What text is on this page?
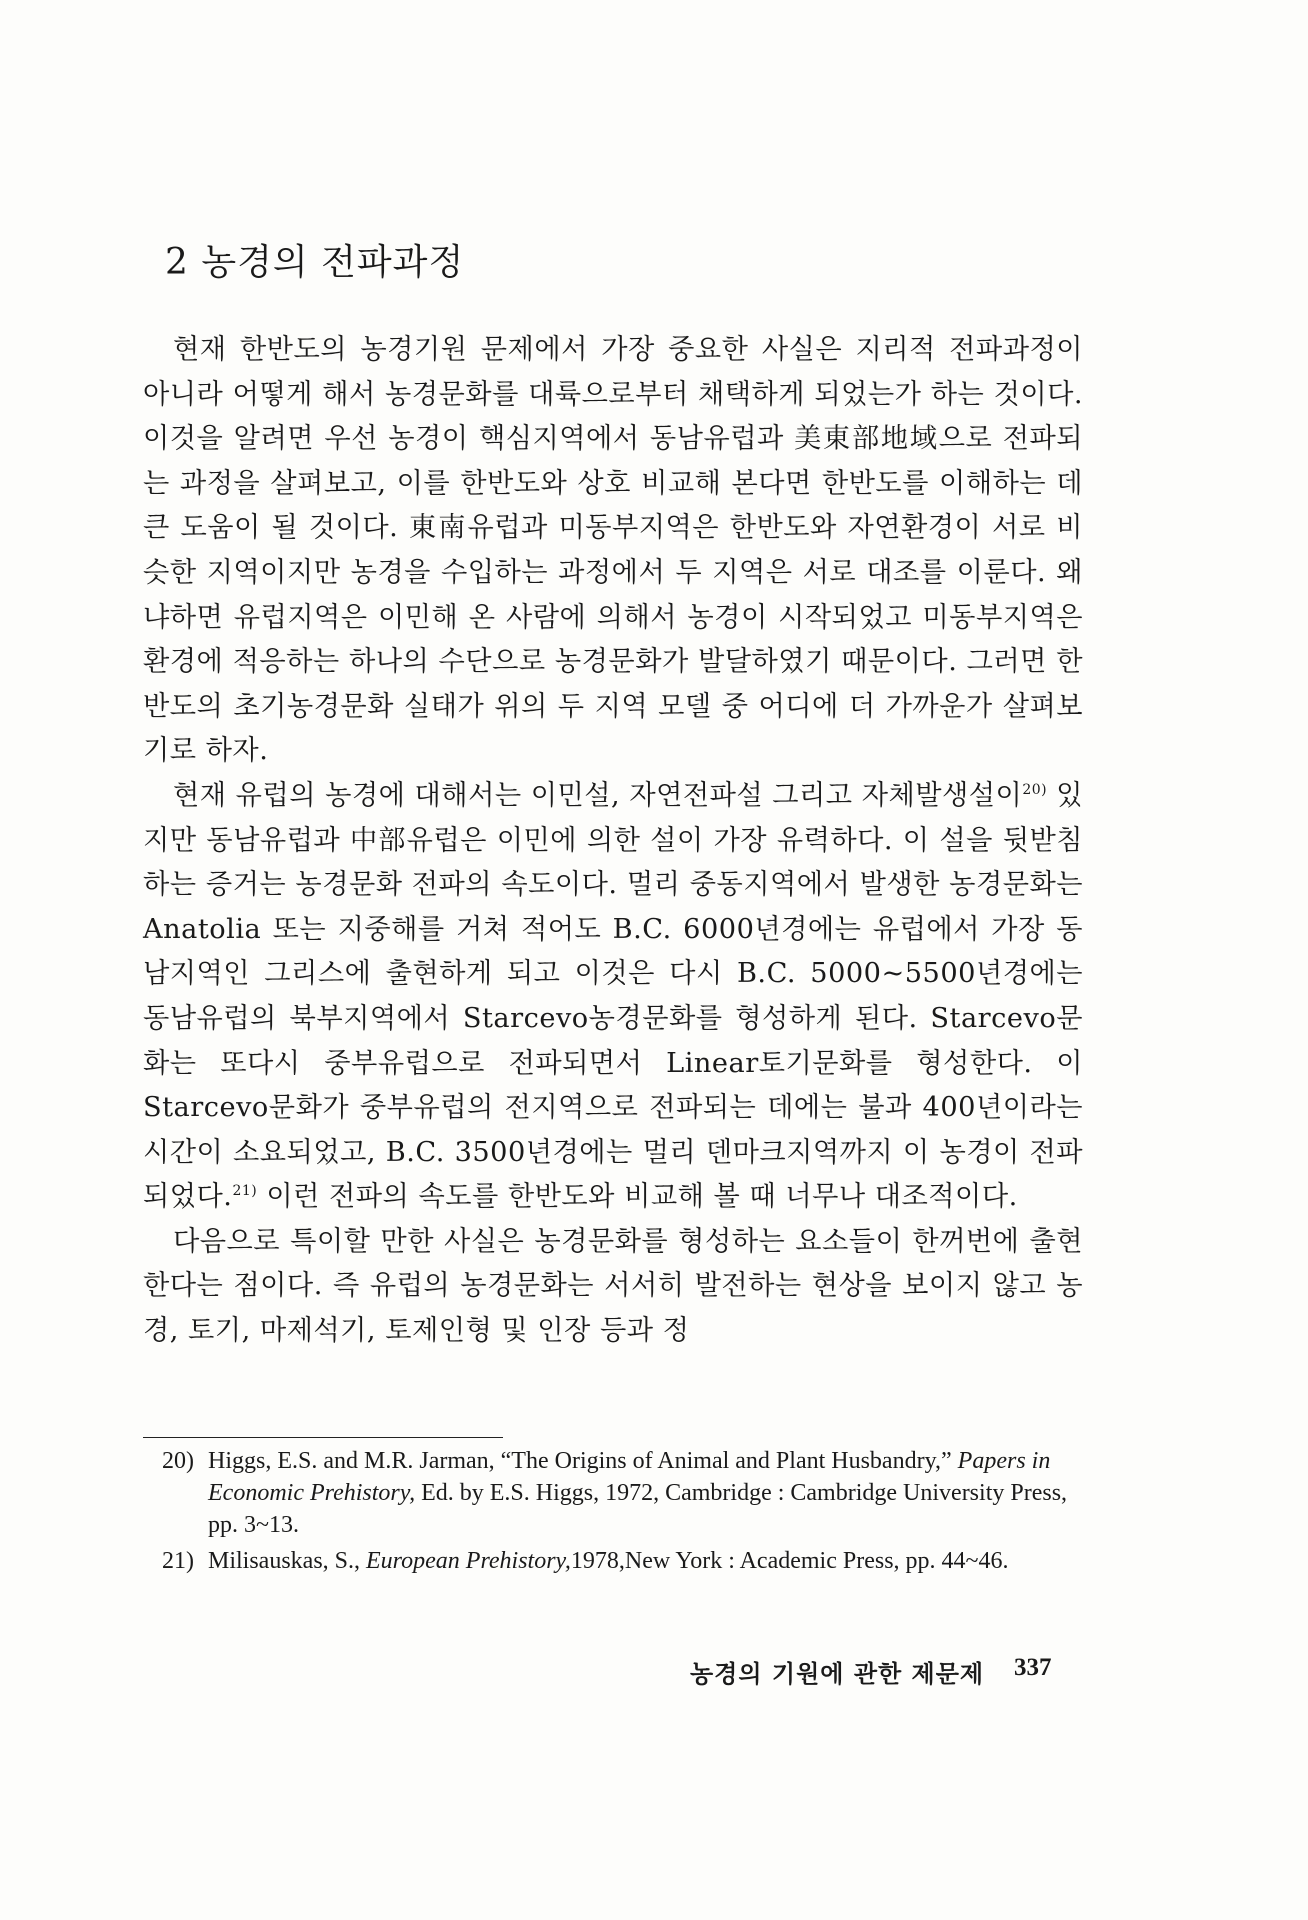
2 농경의 전파과정

현재 한반도의 농경기원 문제에서 가장 중요한 사실은 지리적 전파과정이 아니라 어떻게 해서 농경문화를 대륙으로부터 채택하게 되었는가 하는 것이다. 이것을 알려면 우선 농경이 핵심지역에서 동남유럽과 美東部地域으로 전파되는 과정을 살펴보고, 이를 한반도와 상호 비교해 본다면 한반도를 이해하는 데 큰 도움이 될 것이다. 東南유럽과 미동부지역은 한반도와 자연환경이 서로 비슷한 지역이지만 농경을 수입하는 과정에서 두 지역은 서로 대조를 이룬다. 왜냐하면 유럽지역은 이민해 온 사람에 의해서 농경이 시작되었고 미동부지역은 환경에 적응하는 하나의 수단으로 농경문화가 발달하였기 때문이다. 그러면 한반도의 초기농경문화 실태가 위의 두 지역 모델 중 어디에 더 가까운가 살펴보기로 하자.

현재 유럽의 농경에 대해서는 이민설, 자연전파설 그리고 자체발생설이$^{20)}$ 있지만 동남유럽과 中部유럽은 이민에 의한 설이 가장 유력하다. 이 설을 뒷받침하는 증거는 농경문화 전파의 속도이다. 멀리 중동지역에서 발생한 농경문화는 Anatolia 또는 지중해를 거쳐 적어도 B.C. 6000년경에는 유럽에서 가장 동남지역인 그리스에 출현하게 되고 이것은 다시 B.C. 5000~5500년경에는 동남유럽의 북부지역에서 Starcevo농경문화를 형성하게 된다. Starcevo문화는 또다시 중부유럽으로 전파되면서 Linear토기문화를 형성한다. 이 Starcevo문화가 중부유럽의 전지역으로 전파되는 데에는 불과 400년이라는 시간이 소요되었고, B.C. 3500년경에는 멀리 덴마크지역까지 이 농경이 전파되었다.$^{21)}$ 이런 전파의 속도를 한반도와 비교해 볼 때 너무나 대조적이다.

다음으로 특이할 만한 사실은 농경문화를 형성하는 요소들이 한꺼번에 출현한다는 점이다. 즉 유럽의 농경문화는 서서히 발전하는 현상을 보이지 않고 농경, 토기, 마제석기, 토제인형 및 인장 등과 정

20) Higgs, E.S. and M.R. Jarman, “The Origins of Animal and Plant Husbandry,” Papers in Economic Prehistory, Ed. by E.S. Higgs, 1972, Cambridge : Cambridge University Press, pp. 3~13.
21) Milisauskas, S., European Prehistory,1978,New York : Academic Press, pp. 44~46.
농경의 기원에 관한 제문제 337
